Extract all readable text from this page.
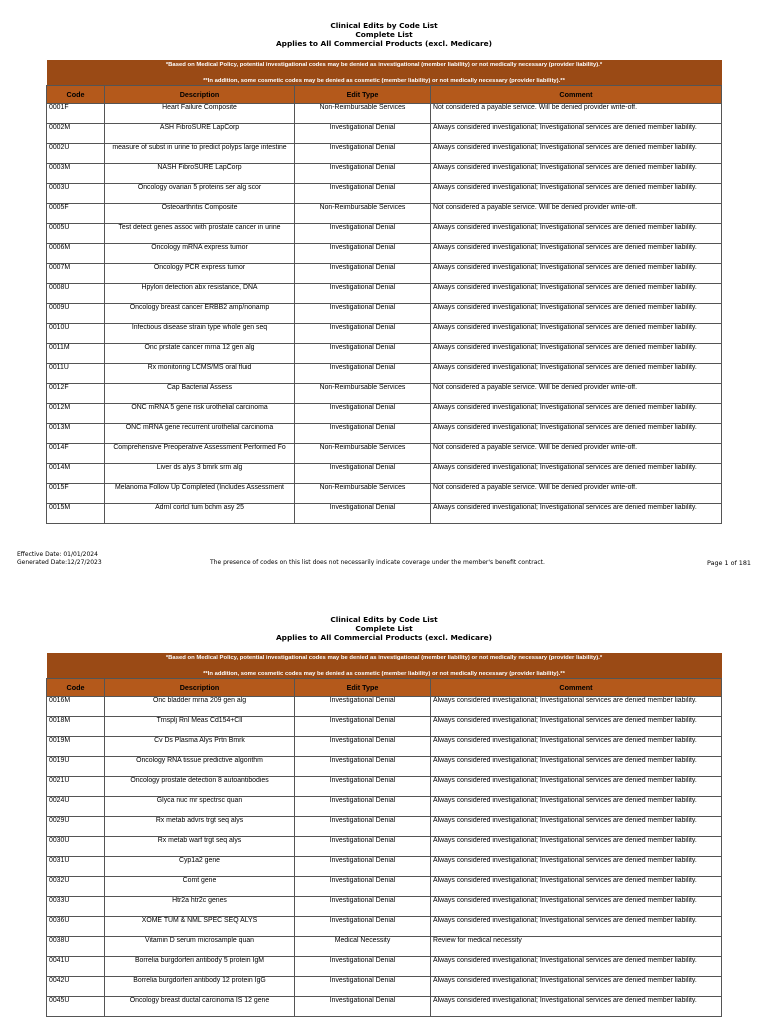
Clinical Edits by Code List
Complete List
Applies to All Commercial Products (excl. Medicare)
*Based on Medical Policy, potential investigational codes may be denied as investigational (member liability) or not medically necessary (provider liability).*			
**In addition, some cosmetic codes may be denied as cosmetic (member liability) or not medically necessary (provider liability).**			
Code	Description	Edit Type	Comment
0001F	Heart Failure Composite	Non-Reimbursable Services	Not considered a payable service. Will be denied provider write-off.
0002M	ASH FibroSURE LapCorp	Investigational Denial	Always considered investigational; Investigational services are denied member liability.
0002U	measure of subst in urine to predict polyps large intestine	Investigational Denial	Always considered investigational; Investigational services are denied member liability.
0003M	NASH FibroSURE LapCorp	Investigational Denial	Always considered investigational; Investigational services are denied member liability.
0003U	Oncology ovarian 5 proteins ser alg scor	Investigational Denial	Always considered investigational; Investigational services are denied member liability.
0005F	Osteoarthritis Composite	Non-Reimbursable Services	Not considered a payable service. Will be denied provider write-off.
0005U	Test detect genes assoc with prostate cancer in urine	Investigational Denial	Always considered investigational; Investigational services are denied member liability.
0006M	Oncology mRNA express tumor	Investigational Denial	Always considered investigational; Investigational services are denied member liability.
0007M	Oncology PCR express tumor	Investigational Denial	Always considered investigational; Investigational services are denied member liability.
0008U	Hpylori detection abx resistance, DNA	Investigational Denial	Always considered investigational; Investigational services are denied member liability.
0009U	Oncology breast cancer ERBB2 amp/nonamp	Investigational Denial	Always considered investigational; Investigational services are denied member liability.
0010U	Infectious disease strain type whole gen seq	Investigational Denial	Always considered investigational; Investigational services are denied member liability.
0011M	Onc prstate cancer mrna 12 gen alg	Investigational Denial	Always considered investigational; Investigational services are denied member liability.
0011U	Rx monitoring LCMS/MS oral fluid	Investigational Denial	Always considered investigational; Investigational services are denied member liability.
0012F	Cap Bacterial Assess	Non-Reimbursable Services	Not considered a payable service. Will be denied provider write-off.
0012M	ONC mRNA 5 gene risk urothelial carcinoma	Investigational Denial	Always considered investigational; Investigational services are denied member liability.
0013M	ONC mRNA gene recurrent urothelial carcinoma	Investigational Denial	Always considered investigational; Investigational services are denied member liability.
0014F	Comprehensive Preoperative Assessment Performed Fo	Non-Reimbursable Services	Not considered a payable service. Will be denied provider write-off.
0014M	Liver ds alys 3 bmrk srm alg	Investigational Denial	Always considered investigational; Investigational services are denied member liability.
0015F	Melanoma Follow Up Completed (Includes Assessment	Non-Reimbursable Services	Not considered a payable service. Will be denied provider write-off.
0015M	Adrnl cortcl tum bchm asy 25	Investigational Denial	Always considered investigational; Investigational services are denied member liability.
Effective Date: 01/01/2024
Generated Date:12/27/2023	The presence of codes on this list does not necessarily indicate coverage under the member's benefit contract.	Page 1 of 181
Clinical Edits by Code List
Complete List
Applies to All Commercial Products (excl. Medicare)
*Based on Medical Policy, potential investigational codes may be denied as investigational (member liability) or not medically necessary (provider liability).*			
**In addition, some cosmetic codes may be denied as cosmetic (member liability) or not medically necessary (provider liability).**			
Code	Description	Edit Type	Comment
0016M	Onc bladder mrna 209 gen alg	Investigational Denial	Always considered investigational; Investigational services are denied member liability.
0018M	Trnsplj Rnl Meas Cd154+Cll	Investigational Denial	Always considered investigational; Investigational services are denied member liability.
0019M	Cv Ds Plasma Alys Prtn Bmrk	Investigational Denial	Always considered investigational; Investigational services are denied member liability.
0019U	Oncology RNA tissue predictive algorithm	Investigational Denial	Always considered investigational; Investigational services are denied member liability.
0021U	Oncology prostate detection 8 autoantibodies	Investigational Denial	Always considered investigational; Investigational services are denied member liability.
0024U	Glyca nuc mr spectrsc quan	Investigational Denial	Always considered investigational; Investigational services are denied member liability.
0029U	Rx metab advrs trgt seq alys	Investigational Denial	Always considered investigational; Investigational services are denied member liability.
0030U	Rx metab warf trgt seq alys	Investigational Denial	Always considered investigational; Investigational services are denied member liability.
0031U	Cyp1a2 gene	Investigational Denial	Always considered investigational; Investigational services are denied member liability.
0032U	Comt gene	Investigational Denial	Always considered investigational; Investigational services are denied member liability.
0033U	Htr2a htr2c genes	Investigational Denial	Always considered investigational; Investigational services are denied member liability.
0036U	XOME TUM & NML SPEC SEQ ALYS	Investigational Denial	Always considered investigational; Investigational services are denied member liability.
0038U	Vitamin D serum microsample quan	Medical Necessity	Review for medical necessity
0041U	Borrelia burgdorferi antibody 5 protein IgM	Investigational Denial	Always considered investigational; Investigational services are denied member liability.
0042U	Borrelia burgdorferi antibody 12 protein IgG	Investigational Denial	Always considered investigational; Investigational services are denied member liability.
0045U	Oncology breast ductal carcinoma IS 12 gene	Investigational Denial	Always considered investigational; Investigational services are denied member liability.
